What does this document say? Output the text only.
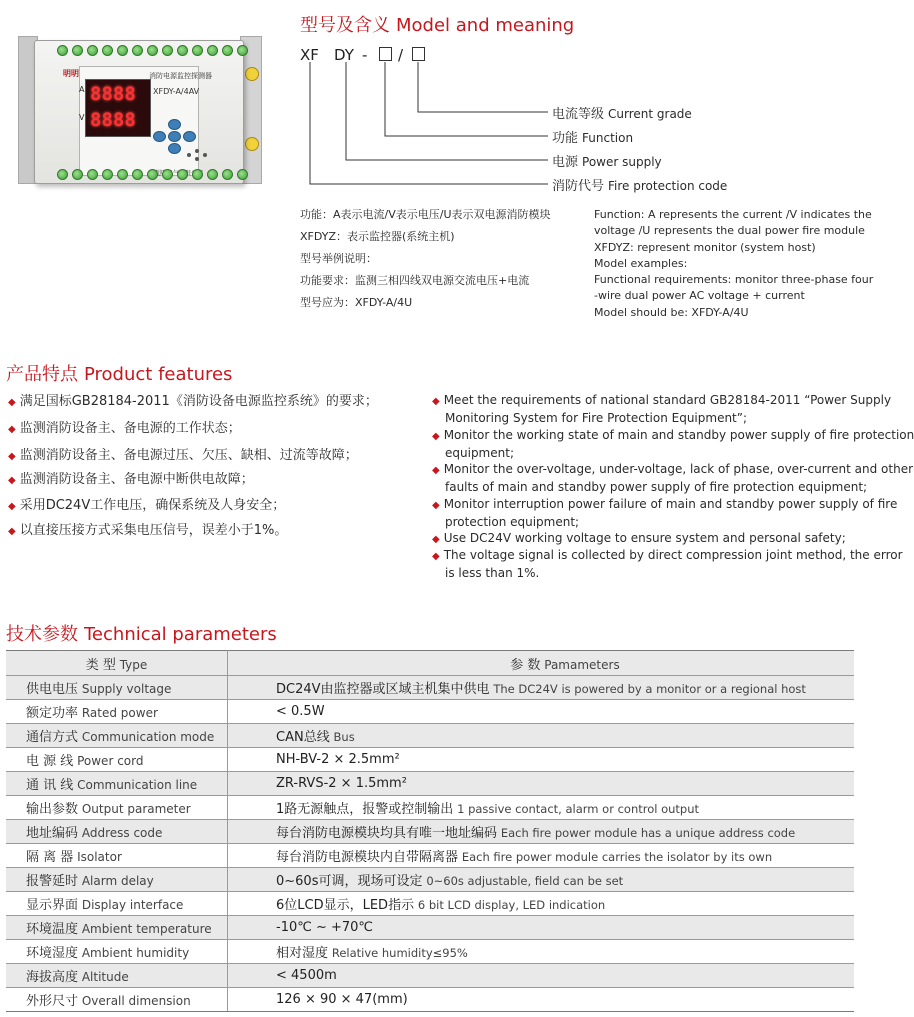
明明
8888
8888
A
V
消防电源监控探测器
XFDY-A/4AV
型号及含义 Model and meaning
XF DY - /
电流等级 Current grade
功能 Function
电源 Power supply
消防代号 Fire protection code
功能：A表示电流/V表示电压/U表示双电源消防模块
XFDYZ：表示监控器(系统主机)
型号举例说明：
功能要求：监测三相四线双电源交流电压+电流
型号应为：XFDY-A/4U
Function: A represents the current /V indicates the
voltage /U represents the dual power fire module
XFDYZ: represent monitor (system host)
Model examples:
Functional requirements: monitor three-phase four
-wire dual power AC voltage + current
Model should be: XFDY-A/4U
产品特点 Product features
◆ 满足国标GB28184-2011《消防设备电源监控系统》的要求；
◆ 监测消防设备主、备电源的工作状态；
◆ 监测消防设备主、备电源过压、欠压、缺相、过流等故障；
◆ 监测消防设备主、备电源中断供电故障；
◆ 采用DC24V工作电压，确保系统及人身安全；
◆ 以直接压接方式采集电压信号，误差小于1%。
◆ Meet the requirements of national standard GB28184-2011 “Power Supply
Monitoring System for Fire Protection Equipment”;
◆ Monitor the working state of main and standby power supply of fire protection
equipment;
◆ Monitor the over-voltage, under-voltage, lack of phase, over-current and other
faults of main and standby power supply of fire protection equipment;
◆ Monitor interruption power failure of main and standby power supply of fire
protection equipment;
◆ Use DC24V working voltage to ensure system and personal safety;
◆ The voltage signal is collected by direct compression joint method, the error
is less than 1%.
技术参数 Technical parameters
类 型 Type	参 数 Pamameters
供电电压 Supply voltage	DC24V由监控器或区域主机集中供电 The DC24V is powered by a monitor or a regional host
额定功率 Rated power	< 0.5W
通信方式 Communication mode	CAN总线 Bus
电 源 线 Power cord	NH-BV-2 × 2.5mm²
通 讯 线 Communication line	ZR-RVS-2 × 1.5mm²
输出参数 Output parameter	1路无源触点，报警或控制输出 1 passive contact, alarm or control output
地址编码 Address code	每台消防电源模块均具有唯一地址编码 Each fire power module has a unique address code
隔 离 器 Isolator	每台消防电源模块内自带隔离器 Each fire power module carries the isolator by its own
报警延时 Alarm delay	0~60s可调，现场可设定 0~60s adjustable, field can be set
显示界面 Display interface	6位LCD显示，LED指示 6 bit LCD display, LED indication
环境温度 Ambient temperature	-10℃ ~ +70℃
环境湿度 Ambient humidity	相对湿度 Relative humidity≤95%
海拔高度 Altitude	< 4500m
外形尺寸 Overall dimension	126 × 90 × 47(mm)
